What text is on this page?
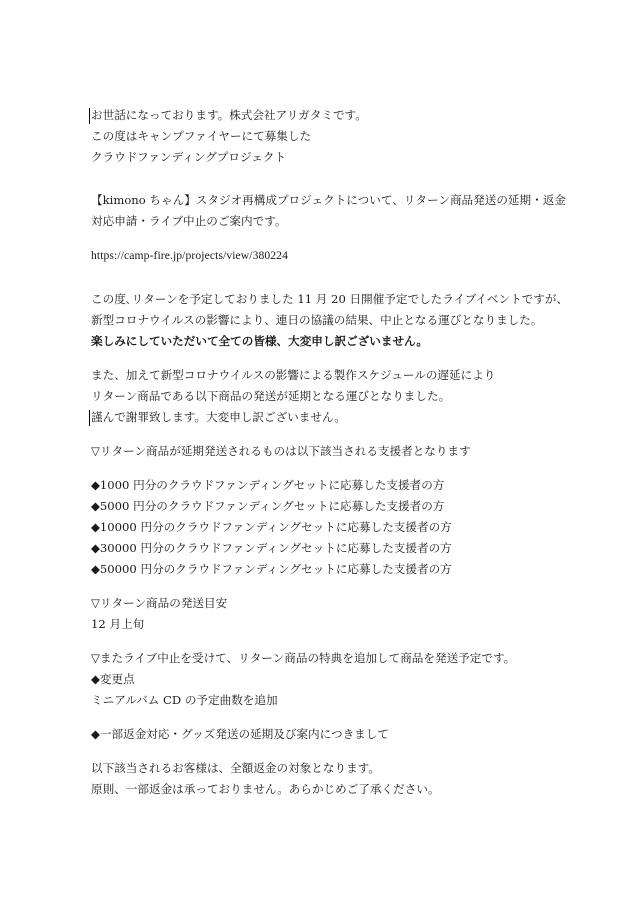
お世話になっております。株式会社アリガタミです。
この度はキャンプファイヤーにて募集した
クラウドファンディングプロジェクト
【kimono ちゃん】スタジオ再構成プロジェクトについて、リターン商品発送の延期・返金
対応申請・ライブ中止のご案内です。
https://camp-fire.jp/projects/view/380224
この度､リターンを予定しておりました 11 月 20 日開催予定でしたライブイベントですが、
新型コロナウイルスの影響により、連日の協議の結果、中止となる運びとなりました。
楽しみにしていただいて全ての皆様、大変申し訳ございません。
また、加えて新型コロナウイルスの影響による製作スケジュールの遅延により
リターン商品である以下商品の発送が延期となる運びとなりました。
謹んで謝罪致します。大変申し訳ございません。
▽リターン商品が延期発送されるものは以下該当される支援者となります
◆1000 円分のクラウドファンディングセットに応募した支援者の方
◆5000 円分のクラウドファンディングセットに応募した支援者の方
◆10000 円分のクラウドファンディングセットに応募した支援者の方
◆30000 円分のクラウドファンディングセットに応募した支援者の方
◆50000 円分のクラウドファンディングセットに応募した支援者の方
▽リターン商品の発送目安
12 月上旬
▽またライブ中止を受けて、リターン商品の特典を追加して商品を発送予定です。
◆変更点
ミニアルバム CD の予定曲数を追加
◆一部返金対応・グッズ発送の延期及び案内につきまして
以下該当されるお客様は、全額返金の対象となります。
原則、一部返金は承っておりません。あらかじめご了承ください。
